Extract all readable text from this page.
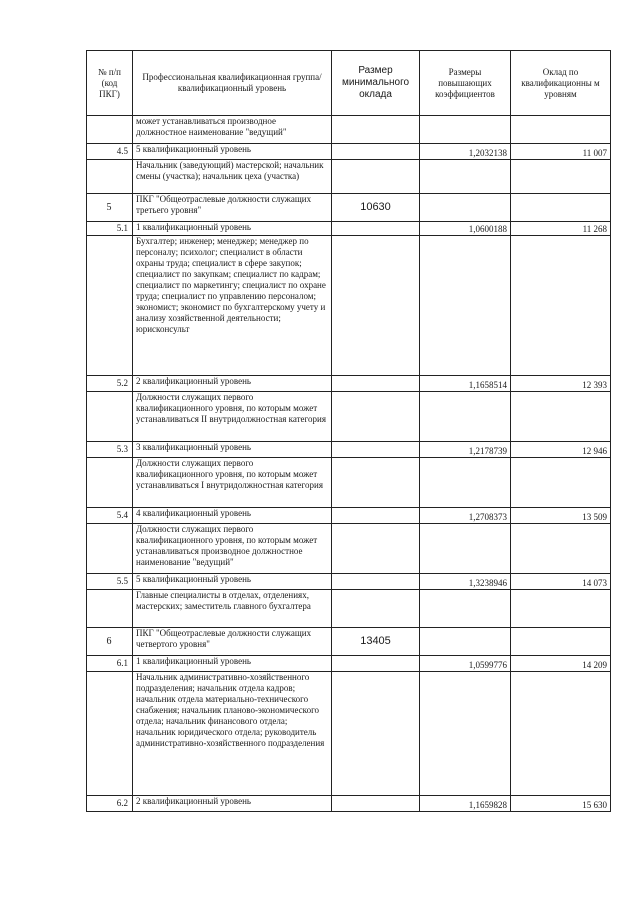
№ п/п (код ПКГ)	Профессиональная квалификационная группа/квалификационный уровень	Размер минимального оклада	Размеры повышающих коэффициентов	Оклад по квалификационны м уровням
	может устанавливаться производное должностное наименование "ведущий"			
4.5	5 квалификационный уровень		1,2032138	11 007
	Начальник (заведующий) мастерской; начальник смены (участка); начальник цеха (участка)			
5	ПКГ "Общеотраслевые должности служащих третьего уровня"	10630		
5.1	1 квалификационный уровень		1,0600188	11 268
	Бухгалтер; инженер; менеджер; менеджер по персоналу; психолог; специалист в области охраны труда; специалист в сфере закупок; специалист по закупкам; специалист по кадрам; специалист по маркетингу; специалист по охране труда; специалист по управлению персоналом; экономист; экономист по бухгалтерскому учету и анализу хозяйственной деятельности; юрисконсульт			
5.2	2 квалификационный уровень		1,1658514	12 393
	Должности служащих первого квалификационного уровня, по которым может устанавливаться II внутридолжностная категория			
5.3	3 квалификационный уровень		1,2178739	12 946
	Должности служащих первого квалификационного уровня, по которым может устанавливаться I внутридолжностная категория			
5.4	4 квалификационный уровень		1,2708373	13 509
	Должности служащих первого квалификационного уровня, по которым может устанавливаться производное должностное наименование "ведущий"			
5.5	5 квалификационный уровень		1,3238946	14 073
	Главные специалисты в отделах, отделениях, мастерских; заместитель главного бухгалтера			
6	ПКГ "Общеотраслевые должности служащих четвертого уровня"	13405		
6.1	1 квалификационный уровень		1,0599776	14 209
	Начальник административно-хозяйственного подразделения; начальник отдела кадров; начальник отдела материально-технического снабжения; начальник планово-экономического отдела; начальник финансового отдела; начальник юридического отдела; руководитель административно-хозяйственного подразделения			
6.2	2 квалификационный уровень		1,1659828	15 630
